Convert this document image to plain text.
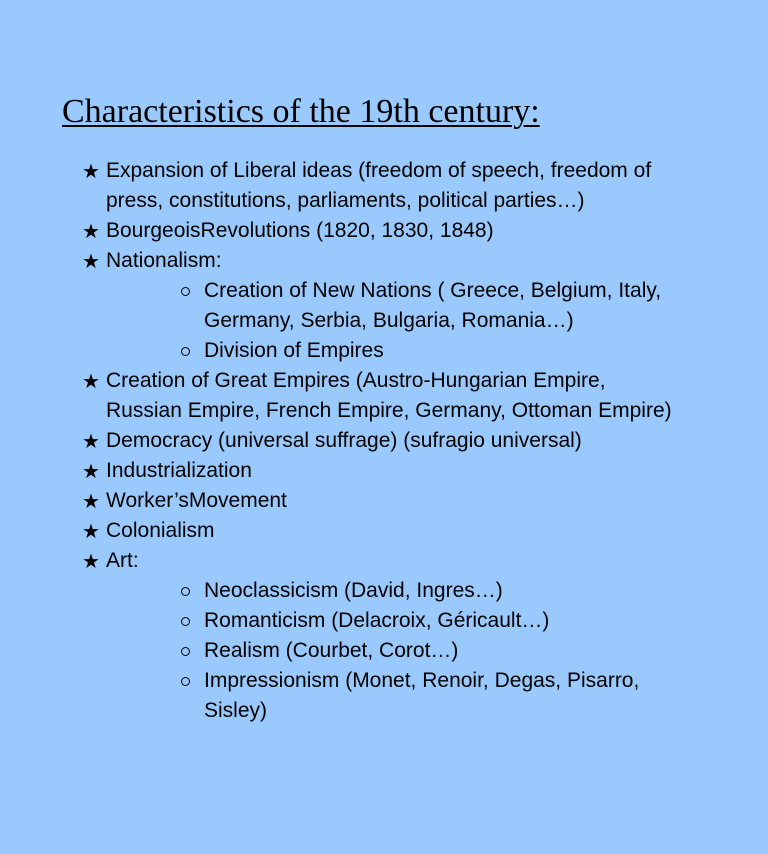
Characteristics of the 19th century:
★ Expansion of Liberal ideas (freedom of speech, freedom of press, constitutions, parliaments, political parties…)
★ BourgeoisRevolutions (1820, 1830, 1848)
★ Nationalism:
Creation of New Nations ( Greece, Belgium, Italy, Germany, Serbia, Bulgaria, Romania…)
Division of Empires
★ Creation of Great Empires (Austro-Hungarian Empire, Russian Empire, French Empire, Germany, Ottoman Empire)
★ Democracy (universal suffrage) (sufragio universal)
★ Industrialization
★ Worker’sMovement
★ Colonialism
★ Art:
Neoclassicism (David, Ingres…)
Romanticism (Delacroix, Géricault…)
Realism (Courbet, Corot…)
Impressionism (Monet, Renoir, Degas, Pisarro, Sisley)
